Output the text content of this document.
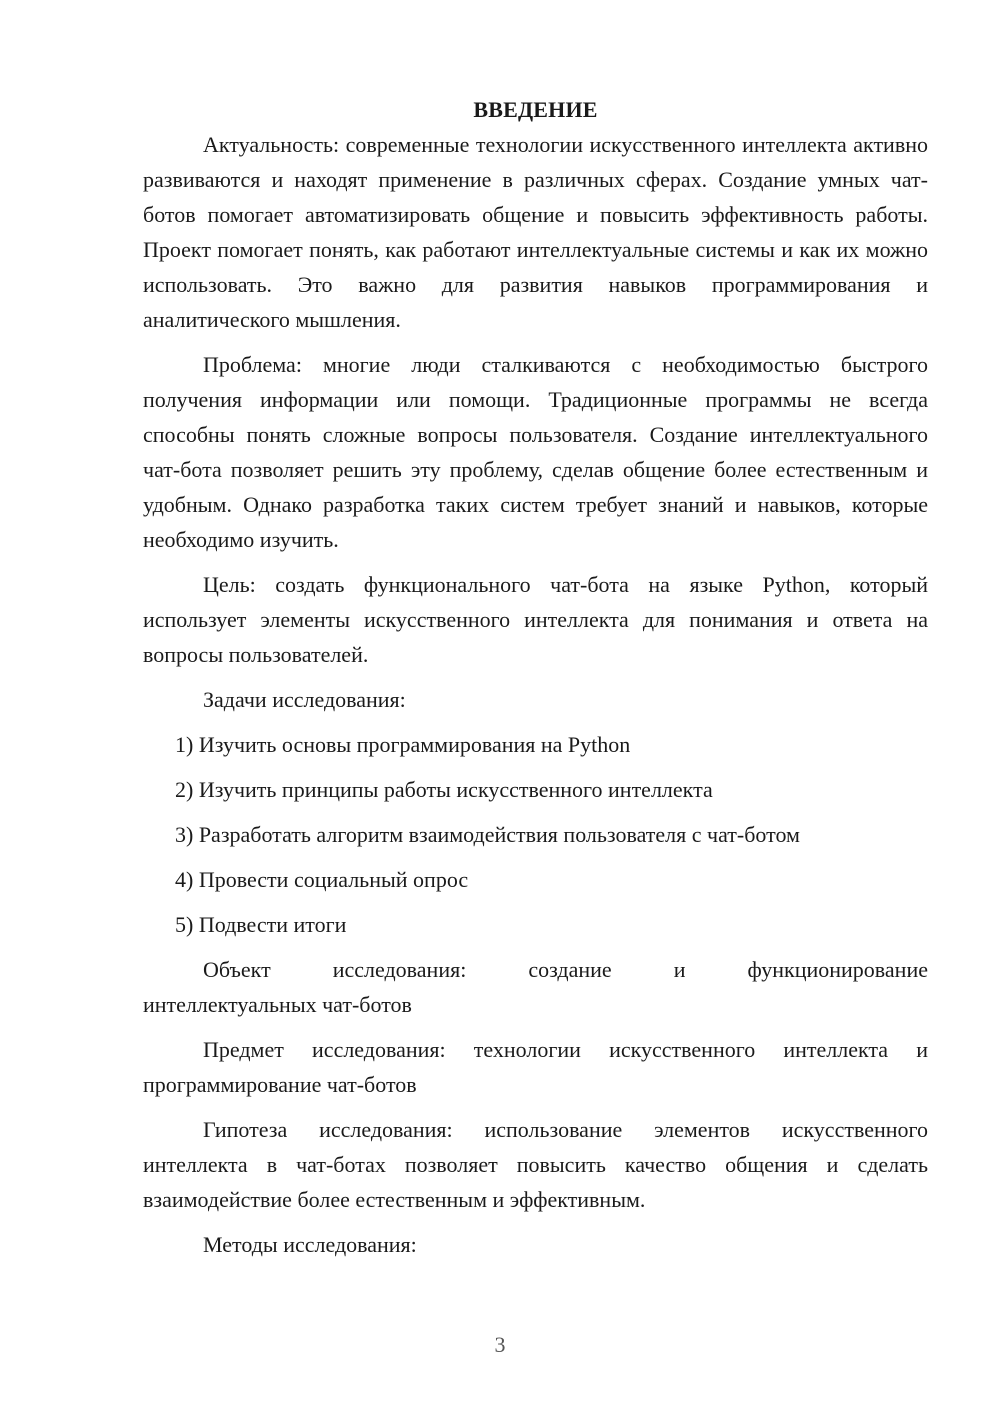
ВВЕДЕНИЕ

Актуальность: современные технологии искусственного интеллекта активно развиваются и находят применение в различных сферах. Создание умных чат-ботов помогает автоматизировать общение и повысить эффективность работы. Проект помогает понять, как работают интеллектуальные системы и как их можно использовать. Это важно для развития навыков программирования и аналитического мышления.

Проблема: многие люди сталкиваются с необходимостью быстрого получения информации или помощи. Традиционные программы не всегда способны понять сложные вопросы пользователя. Создание интеллектуального чат-бота позволяет решить эту проблему, сделав общение более естественным и удобным. Однако разработка таких систем требует знаний и навыков, которые необходимо изучить.

Цель: создать функционального чат-бота на языке Python, который использует элементы искусственного интеллекта для понимания и ответа на вопросы пользователей.

Задачи исследования:

1) Изучить основы программирования на Python

2) Изучить принципы работы искусственного интеллекта

3) Разработать алгоритм взаимодействия пользователя с чат-ботом

4) Провести социальный опрос

5) Подвести итоги

Объект исследования: создание и функционирование

интеллектуальных чат-ботов

Предмет исследования: технологии искусственного интеллекта и программирование чат-ботов

Гипотеза исследования: использование элементов искусственного интеллекта в чат-ботах позволяет повысить качество общения и сделать взаимодействие более естественным и эффективным.

Методы исследования:

3
